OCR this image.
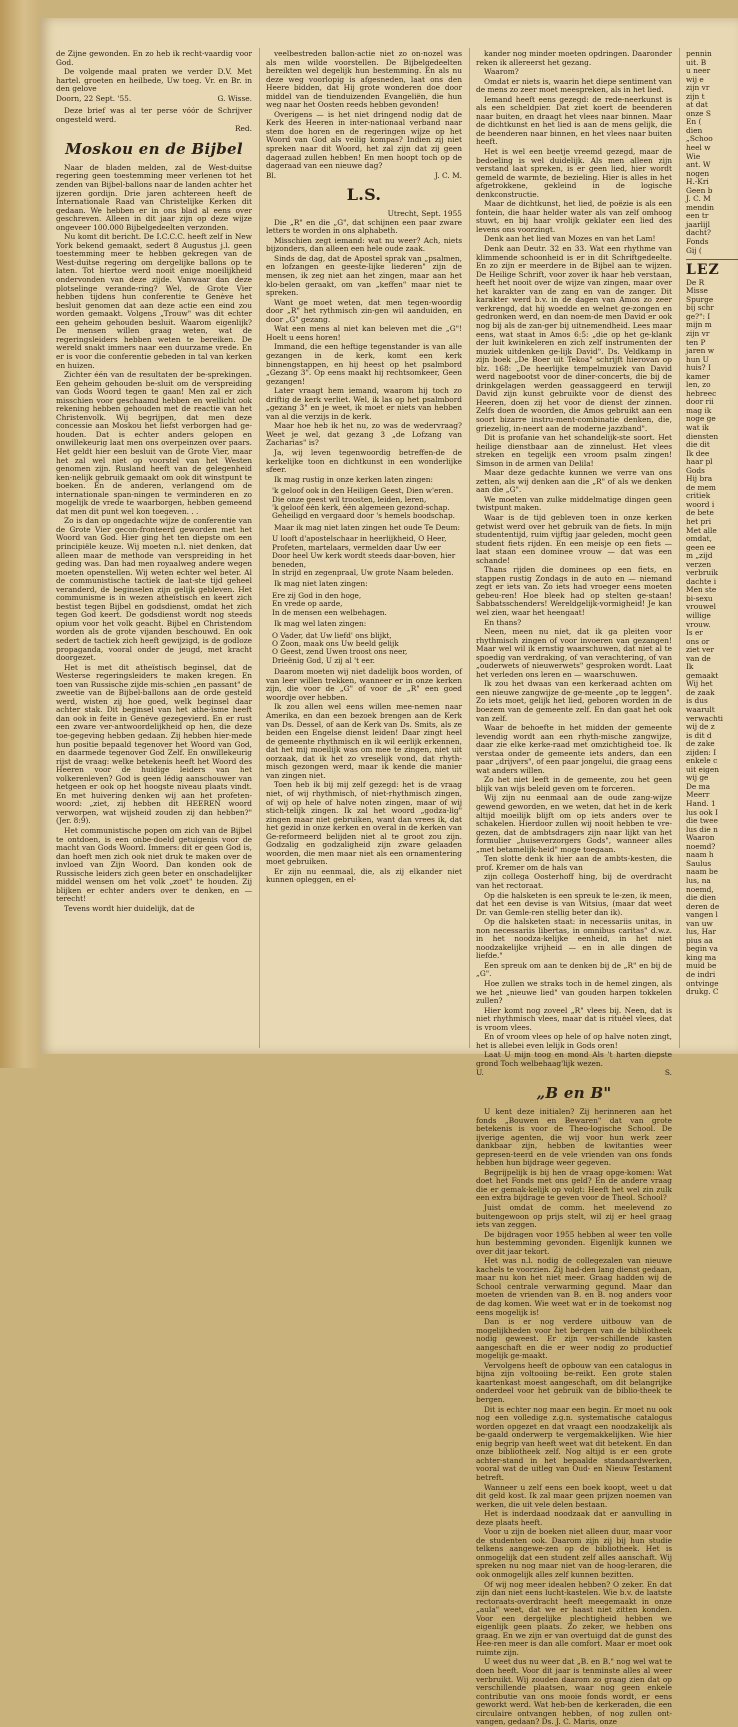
de Zijne gewonden. En zo heb ik recht-vaardig voor God.

De volgende maal praten we verder D.V. Met hartel. groeten en heilbede, Uw toeg. Vr. en Br. in den gelove

Doorn, 22 Sept. '55.	G. Wisse.

Deze brief was al ter perse vóór de Schrijver ongesteld werd.

Red.
Moskou en de Bijbel

Naar de bladen melden, zal de West-duitse regering geen toestemming meer verlenen tot het zenden van Bijbel-ballons naar de landen achter het ijzeren gordijn. Drie jaren achtereen heeft de Internationale Raad van Christelijke Kerken dit gedaan. We hebben er in ons blad al eens over geschreven. Alleen in dit jaar zijn op deze wijze ongeveer 100.000 Bijbelgedeelten verzonden.

Nu komt dit bericht. De I.C.C.C. heeft zelf in New York bekend gemaakt, sedert 8 Augustus j.l. geen toestemming meer te hebben gekregen van de West-duitse regering om dergelijke ballons op te laten. Tot hiertoe werd nooit enige moeilijkheid ondervonden van deze zijde. Vanwaar dan deze plotselinge verande-ring? Wel, de Grote Vier hebben tijdens hun conferentie te Genève het besluit genomen dat aan deze actie een eind zou worden gemaakt. Volgens „Trouw" was dit echter een geheim gehouden besluit. Waarom eigenlijk? De mensen willen graag weten, wat de regeringsleiders hebben weten te bereiken. De wereld snakt immers naar een duurzame vrede. En er is voor die conferentie gebeden in tal van kerken en huizen.

Zichter één van de resultaten der be-sprekingen. Een geheim gehouden be-sluit om de verspreiding van Gods Woord tegen te gaan! Men zal er zich misschien voor geschaamd hebben en wellicht ook rekening hebben gehouden met de reactie van het Christenvolk. Wij begrijpen, dat men deze concessie aan Moskou het liefst verborgen had ge-houden. Dat is echter anders gelopen en onwillekeurig laat men ons overpeinzen over paars. Het geldt hier een besluit van de Grote Vier, maar het zal wel niet op voorstel van het Westen genomen zijn. Rusland heeft van de gelegenheid ken-nelijk gebruik gemaakt om ook dit winstpunt te boeken. En de anderen, verlangend om de internationale span-ningen te verminderen en zo mogelijk de vrede te waarborgen, hebben gemeend dat men dit punt wel kon toegeven. . .

Zo is dan op ongedachte wijze de conferentie van de Grote Vier gecon-fronteerd geworden met het Woord van God. Hier ging het ten diepste om een principiële keuze. Wij moeten n.l. niet denken, dat alleen maar de methode van verspreiding in het geding was. Dan had men royaalweg andere wegen moeten openstellen. Wij weten echter wel beter. Al de communistische tactiek de laat-ste tijd geheel veranderd, de beginselen zijn gelijk gebleven. Het communisme is in wezen atheïstisch en keert zich bestist tegen Bijbel en godsdienst, omdat het zich tegen God keert. De godsdienst wordt nog steeds opium voor het volk geacht. Bijbel en Christendom worden als de grote vijanden beschouwd. En ook sedert de tactiek zich heeft gewijzigd, is de godloze propaganda, vooral onder de jeugd, met kracht doorgezet.

Het is met dit atheïstisch beginsel, dat de Westerse regeringsleiders te maken kregen. En toen van Russische zijde mis-schien „en passant" de zweetie van de Bijbel-ballons aan de orde gesteld werd, wisten zij hoe goed, welk beginsel daar achter stak. Dit beginsel van het athe-ïsme heeft dan ook in feite in Genève gezegevierd. En er rust een zware ver-antwoordelijkheid op hen, die deze toe-gegeving hebben gedaan. Zij hebben hier-mede hun positie bepaald tegenover het Woord van God, en daarmede tegenover God Zelf. En onwillekeurig rijst de vraag: welke betekenis heeft het Woord des Heeren voor de huidige leiders van het volkerenleven? God is geen lédig aanschouwer van hetgeen er ook op het hoogste niveau plaats vindt. En met huivering denken wij aan het profeten-woord: „ziet, zij hebben dit HEEREN woord verworpen, wat wijsheid zouden zij dan hebben?" (Jer. 8:9).

Het communistische popen om zich van de Bijbel te ontdoen, is een onbe-doeld getuigenis voor de macht van Gods Woord. Immers: dit er geen God is, dan hoeft men zich ook niet druk te maken over de invloed van Zijn Woord. Dan konden ook de Russische leiders zich geen beter en onschadelijker middel wensen om het volk „zoet" te houden. Zij blijken er echter anders over te denken, en — terecht!

Tevens wordt hier duidelijk, dat de

veelbestreden ballon-actie niet zo on-nozel was als men wilde voorstellen. De Bijbelgedeelten bereikten wel degelijk hun bestemming. En als nu deze weg voorlopig is afgesneden, laat ons den Heere bidden, dat Hij grote wonderen doe door middel van de tienduizenden Evangeliën, die hun weg naar het Oosten reeds hebben gevonden!

Overigens — is het niet dringend nodig dat de Kerk des Heeren in inter-nationaal verband naar stem doe horen en de regeringen wijze op het Woord van God als veilig kompas? Indien zij niet spreken naar dit Woord, het zal zijn dat zij geen dageraad zullen hebben! En men hoopt toch op de dageraad van een nieuwe dag?

Bl.	J. C. M.
L.S.
Utrecht, Sept. 1955

Die „R" en die „G", dat schijnen een paar zware letters te worden in ons alphabeth.

Misschien zegt iemand: wat nu weer? Ach, niets bijzonders, dan alleen een hele oude zaak.

Sinds de dag, dat de Apostel sprak van „psalmen, en lofzangen en geeste-lijke liederen" zijn de mensen, ik zeg niet aan het zingen, maar aan het klo-belen geraakt, om van „keffen" maar niet te spreken.

Want ge moet weten, dat men tegen-woordig door „R" het rythmisch zin-gen wil aanduiden, en door „G" gezang.

Wat een mens al niet kan beleven met die „G"! Hoelt u eens horen!

Immand, die een heftige tegenstander is van alle gezangen in de kerk, komt een kerk binnengstappen, en hij heest op het psalmbord „Gezang 3". Op eens maakt hij rechtsomkeer, Geen gezangen!

Later vraagt hem iemand, waarom hij toch zo driftig de kerk verliet. Wel, ik las op het psalmbord „gezang 3" en je weet, ik moet er niets van hebben van al die verzijs in de kerk.

Maar hoe heb ik het nu, zo was de wedervraag? Weet je wel, dat gezang 3 „de Lofzang van Zacharias" is?

Ja, wij leven tegenwoordig betreffen-de de kerkelijke toon en dichtkunst in een wonderlijke sfeer.

Ik mag rustig in onze kerken laten zingen:

'k geloof ook in den Heiligen Geest, Dien w'eren.
Die onze geest wil troosten, leiden, leren,
'k geloof één kerk, één algemeen gezond-schap.
Geheiligd en vergaard door 's hemels boodschap.

Maar ik mag niet laten zingen het oude Te Deum:

U looft d'apostelschaar in heerlijkheid, O Heer,
Profeten, martelaars, vermelden daar Uw eer
Door heel Uw kerk wordt steeds daar-boven, hier beneden,
In strijd en zegenpraal, Uw grote Naam beleden.

Ik mag niet laten zingen:

Ere zij God in den hoge,
En vrede op aarde,
In de mensen een welbehagen.

Ik mag wel laten zingen:

O Vader, dat Uw liefd' ons blijkt,
O Zoon, maak ons Uw beeld gelijk
O Geest, zend Uwen troost ons neer,
Drieënig God, U zij al 't eer.

Daarom moeten wij niet dadelijk boos worden, of van leer willen trekken, wanneer er in onze kerken zijn, die voor de „G" of voor de „R" een goed woordje over hebben.

Ik zou allen wel eens willen mee-nemen naar Amerika, en dan een bezoek brengen aan de Kerk van Ds. Dessel, of aan de Kerk van Ds. Smits, als ze beiden een Engelse dienst leiden! Daar zingt heel de gemeente rhythmisch en ik wil eerlijk erkennen, dat het mij moeilijk was om mee te zingen, niet uit oorzaak, dat ik het zo vreselijk vond, dat rhyth-misch gezongen werd, maar ik kende die manier van zingen niet.

Toen heb ik bij mij zelf gezegd: het is de vraag niet, of wij rhythmisch, of niet-rhythmisch zingen, of wij op hele of halve noten zingen, maar of wij stich-telijk zingen. Ik zal het woord „godza-lig" zingen maar niet gebruiken, want dan vrees ik, dat het gezid in onze kerken en overal in de kerken van Ge-reformeerd belijden niet al te groot zou zijn. Godzalig en godzaligheid zijn zware gelaaden woorden, die men maar niet als een ornamentering moet gebruiken.

Er zijn nu eenmaal, die, als zij elkander niet kunnen opleggen, en el-

kander nog minder moeten opdringen. Daaronder reken ik allereerst het gezang.

Waarom?

Omdat er niets is, waarin het diepe sentiment van de mens zo zeer moet meespreken, als in het lied.

Iemand heeft eens gezegd: de rede-neerkunst is als een scheldpier. Dat ziet koert de beenderen naar buiten, en draagt het vlees naar binnen. Maar de dichtkunst en het lied is aan de mens gelijk, die de beenderen naar binnen, en het vlees naar buiten heeft.

Het is wel een beetje vreemd gezegd, maar de bedoeling is wel duidelijk. Als men alleen zijn verstand laat spreken, is er geen lied, hier wordt gemeld de warmte, de bezieling. Hier is alles in het afgetrokkene, gekleind in de logische denkconstructie.

Maar de dichtkunst, het lied, de poëzie is als een fontein, die haar helder water als van zelf omhoog stuwt, en bij haar vrolijk geklater een lied des levens ons voorzingt.

Denk aan het lied van Mozes en van het Lam!

Denk aan Deutr. 32 en 33. Wat een rhythme van klimmende schoonheid is er in dit Schriftgedeelte. En zo zijn er meerdere in de Bijbel aan te wijzen. De Heilige Schrift, voor zover ik haar heb verstaan, heeft het nooit over de wijze van zingen, maar over het karakter van de zang en van de zanger. Dit karakter werd b.v. in de dagen van Amos zo zeer verkrengd, dat hij woedde en welnet ge-zongen en gedronken werd, en dan noem-de men David er ook nog bij als de zan-ger bij uitnemendheid. Lees maar eens, wat staat in Amos 6:5: „die op het ge-klank der luit kwinkeleren en zich zelf instrumenten der muziek uitdenken ge-lijk David". Ds. Veldkamp in zijn boek „De Boer uit Tekoa" schrijft hierovan op blz. 168: „De heerlijke tempelmuziek van David werd nagebootst voor de diner-concerts, die bij de drinkgelagen werden geassaggeerd en terwijl David zijn kunst gebruikte voor de dienst des Heeren, doen zij het voor de dienst der zinnen. Zelfs doen de woorden, die Amos gebruikt aan een soort bizarre instru-ment-combinatie denken, die, griezelig, in-neert aan de moderne jazzband".

Dit is profanie van het schandelijk-ste soort. Het heilige dienstbaar aan de zinnelust. Het vlees streken en tegelijk een vroom psalm zingen! Simson in de armen van Delila!

Maar deze gedachte kunnen we verre van ons zetten, als wij denken aan die „R" of als we denken aan die „G".

We moeten van zulke middelmatige dingen geen twistpunt maken.

Waar is de tijd gebleven toen in onze kerken getwist werd over het gebruik van de fiets. In mijn studententijd, ruim vijftig jaar geleden, mocht geen student fiets rijden. En een meisje op een fiets — laat staan een dominee vrouw — dat was een schande!

Thans rijden die dominees op een fiets, en stappen rustig Zondags in de auto en — niemand zegt er iets van. Zo iets had vroeger eens moeten gebeu-ren! Hoe bleek had op stelten ge-staan! Sabbatsschenders! Wereldgelijk-vormigheid! Je kan wel zien, waar het heengaat!

En thans?

Neen, meen nu niet, dat ik ga pleiten voor rhythmisch zingen of voor invoeren van gezangen! Maar wel wil ik ernstig waarschuwen, dat niet al te spoedig van verdraking, of van verachtering, of van „ouderwets of nieuwerwets" gesproken wordt. Laat het verleden ons leren en — waarschuwen.

Ik zou het dwaas van een kerkeraad achten om een nieuwe zangwijze de ge-meente „op te leggen". Zo iets moet, gelijk het lied, geboren worden in de boezem van de gemeente zelf. En dan gaat het ook van zelf.

Waar de behoefte in het midden der gemeente levendig wordt aan een rhyth-mische zangwijze, daar zie elke kerke-raad met omzichtigheid toe. Ik verstaa onder de gemeente iets anders, dan een paar „drijvers", of een paar jongelui, die graag eens wat anders willen.

Zo het niet leeft in de gemeente, zou het geen blijk van wijs beleid geven om te forceren.

Wij zijn nu eenmaal aan de oude zang-wijze gewend geworden, en we weten, dat het in de kerk altijd moeilijk blijft om op iets anders over te schakelen. Hierdoor zullen wij nooit hebben te vre-gezen, dat de ambtsdragers zijn naar lijkt van het formulier „huiseverzorgers Gods", wanneer alles „met betamelijk-heid" moge toegaan.

Ten slotte denk ik hier aan de ambts-kesten, die prof. Kremer om de hals van

zijn collega Oosterhoff hing, bij de overdracht van het rectoraat.

Op die halsketen is een spreuk te le-zen, ik meen, dat het een devise is van Witsius, (maar dat weet Dr. van Gemle-ren stellig beter dan ik).

Op die halsketen staat: in necessariis unitas, in non necessariis libertas, in omnibus caritas" d.w.z. in het noodza-kelijke eenheid, in het niet noodzakelijke vrijheid — en in alle dingen de liefde."

Een spreuk om aan te denken bij de „R" en bij de „G".

Hoe zullen we straks toch in de hemel zingen, als we het „nieuwe lied" van gouden harpen tokkelen zullen?

Hier komt nog zoveel „R" vlees bij. Neen, dat is niet rhythmisch vlees, maar dat is rituëel vlees, dat is vroom vlees.

En of vroom vlees op hele of op halve noten zingt, het is allebei even lelijk in Gods oren!

Laat U mijn toog en mond Als 't harten diepste grond Toch welbehaag'lijk wezen.

U.	S.
„B en B"

U kent deze initialen? Zij herinneren aan het fonds „Bouwen en Bewaren" dat van grote betekenis is voor de Theo-logische School. De ijverige agenten, die wij voor hun werk zeer dankbaar zijn, hebben de kwitanties weer gepresen-teerd en de vele vrienden van ons fonds hebben hun bijdrage weer gegeven.

Begrijpelijk is bij hen de vraag opge-komen: Wat doet het Fonds met ons geld? En de andere vraag die er gemak-kelijk op volgt: Heeft het wel zin zulk een extra bijdrage te geven voor de Theol. School?

Juist omdat de comm. het meelevend zo buitengewoon op prijs stelt, wil zij er heel graag iets van zeggen.

De bijdragen voor 1955 hebben al weer ten volle hun bestemming gevonden. Eigenlijk kunnen we over dit jaar tekort.

Het was n.l. nodig de collegezalen van nieuwe kachels te voorzien. Zij had-den lang dienst gedaan, maar nu kon het niet meer. Graag hadden wij de School centrale verwarming gegund. Maar dan moeten de vrienden van B. en B. nog anders voor de dag komen. Wie weet wat er in de toekomst nog eens mogelijk is!

Dan is er nog verdere uitbouw van de mogelijkheden voor het bergen van de bibliotheek nodig geweest. Er zijn ver-schillende kasten aangeschaft en die er weer nodig zo productief mogelijk ge-maakt.

Vervolgens heeft de opbouw van een catalogus in bijna zijn voltooiing be-reikt. Een grote stalen kaartenkast moest aangeschaft, om dit belangrijke onderdeel voor het gebruik van de biblio-theek te bergen.

Dit is echter nog maar een begin. Er moet nu ook nog een volledige z.g.n. systematische catalogus worden opgezet en dat vraagt een noodzakelijk als be-gaald onderwerp te vergemakkelijken. Wie hier enig begrip van heeft weet wat dit betekent. En dan onze bibliotheek zelf. Nog altijd is er een grote achter-stand in het bepaalde standaardwerken, vooral wat de uitleg van Oud- en Nieuw Testament betreft.

Wanneer u zelf eens een boek koopt, weet u dat dit geld kost. Ik zal maar geen prijzen noemen van werken, die uit vele delen bestaan.

Het is inderdaad noodzaak dat er aanvulling in deze plaats heeft.

Voor u zijn de boeken niet alleen duur, maar voor de studenten ook. Daarom zijn zij bij hun studie telkens aangewe-zen op de bibliotheek. Het is onmogelijk dat een student zelf alles aanschaft. Wij spreken nu nog maar niet van de hoog-leraren, die ook onmogelijk alles zelf kunnen bezitten.

Of wij nog meer idealen hebben? O zeker. En dat zijn dan niet eens lucht-kastelen. Wie b.v. de laatste rectoraats-overdracht heeft meegemaakt in onze „aula" weet, dat we er haast niet zitten konden. Voor een dergelijke plechtigheid hebben we eigenlijk geen plaats. Zo zeker, we hebben ons graag. En we zijn er van overtuigd dat de gunst des Hee-ren meer is dan alle comfort. Maar er moet ook ruimte zijn.

U weet dus nu weer dat „B. en B." nog wel wat te doen heeft. Voor dit jaar is tenminste alles al weer verbruikt. Wij zouden daarom zo graag zien dat op verschillende plaatsen, waar nog geen enkele contributie van ons mooie fonds wordt, er eens geworkt werd. Wat heb-ben de kerkeraden, die een circulaire ontvangen hebben, of nog zullen ont-vangen, gedaan? Ds. J. C. Maris, onze

pennin
uit. B
u neer
wij e
zijn vr
zijn t
at dat
onze S
En (
dien
„Schoo
heel w
Wie
ant. W
nogen
H.-Kri
Geen b
J. C. M
mendin
een tr
jaarlijl
dacht?
Fonds
Gij (
LEZ
De R
Misse
Spurge
bij schr
ge?": I
mijn m
zijn vr
ten P
jaren w
hun U
huis? I
kamer
len, zo
hebreec
door rii
mag ik
noge ge
wat ik
diensten
die dit
Ik dee
haar pl
Gods
Hij bra
de mem
critiek
woord i
de bete
het pri
Met alle
omdat,
geen ee
m „zijd
verzen
verbruik
dachte i
Men ste
bi-sexu
vrouwel
willige
vrouw.
Is er
ons or
ziet ver
van de
Ik
gemaakt
Wij het
de zaak
is dus
waarult
verwachti
wij de z
is dit d
de zake
zijden: I
enkele c
uit eigen
wij ge
De ma
Meerr
Hand. 1
lus ook I
die twee
lus die n
Waaron
noemd?
naam h
Saulus
naam be
lus, na
noemd,
die dien
deren de
vangen l
van uw
lus, Har
pius aa
begin va
king ma
muid be
de indri
ontvinge
drukg. C
